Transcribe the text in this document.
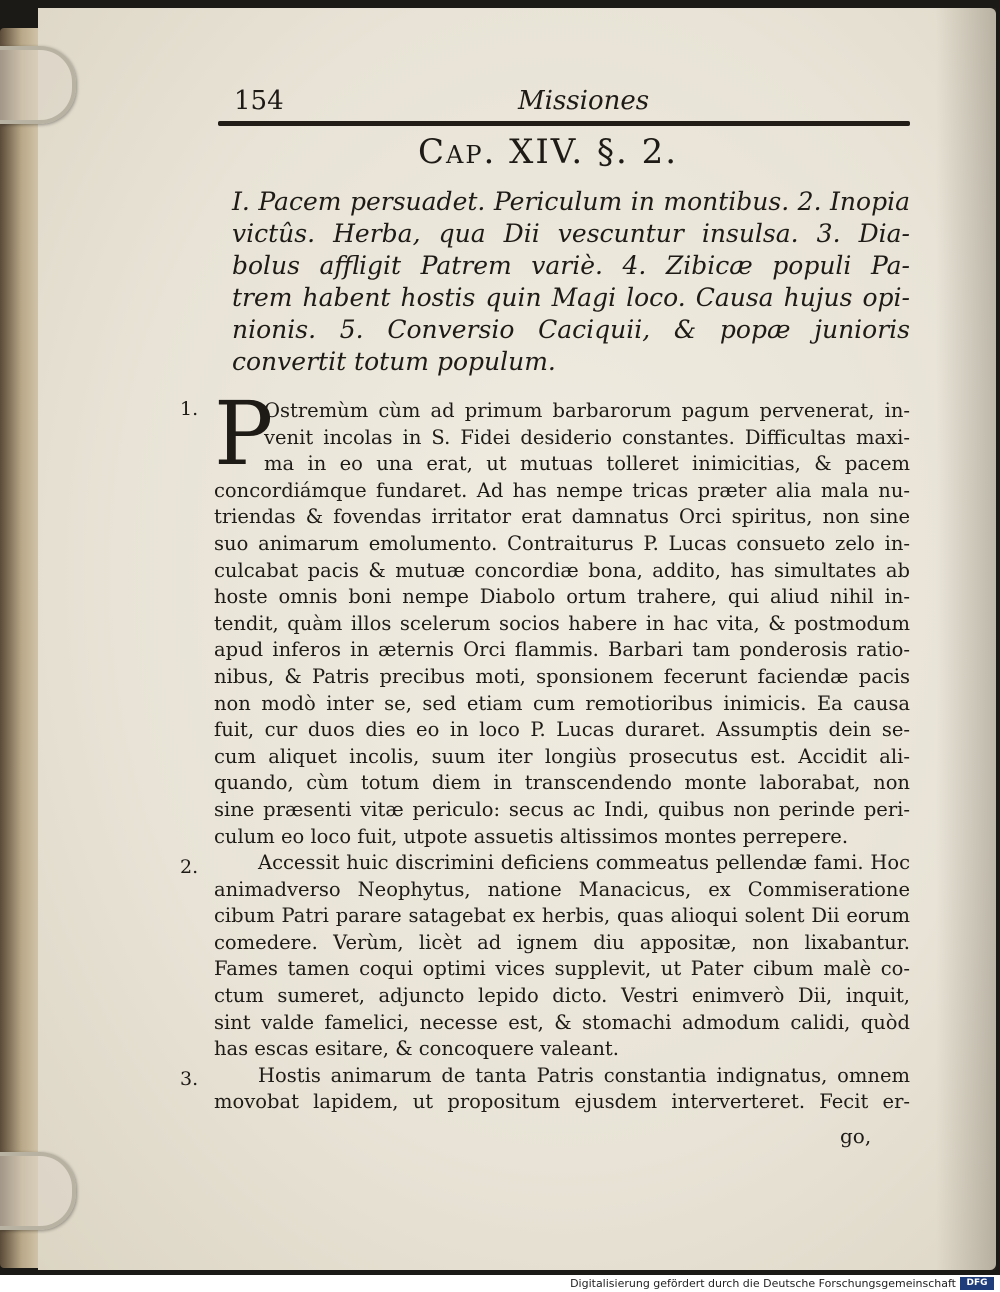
154	Missiones
Cap. XIV. §. 2.
I. Pacem persuadet. Periculum in montibus. 2. Inopia
victûs. Herba, qua Dii vescuntur insulsa. 3. Dia-
bolus affligit Patrem variè. 4. Zibicæ populi Pa-
trem habent hostis quin Magi loco. Causa hujus opi-
nionis. 5. Conversio Caciquii, & popæ junioris
convertit totum populum.
1.
2.
3.
P
Ostremùm cùm ad primum barbarorum pagum pervenerat, in-
venit incolas in S. Fidei desiderio constantes. Difficultas maxi-
ma in eo una erat, ut mutuas tolleret inimicitias, & pacem
concordiámque fundaret. Ad has nempe tricas præter alia mala nu-
triendas & fovendas irritator erat damnatus Orci spiritus, non sine
suo animarum emolumento. Contraiturus P. Lucas consueto zelo in-
culcabat pacis & mutuæ concordiæ bona, addito, has simultates ab
hoste omnis boni nempe Diabolo ortum trahere, qui aliud nihil in-
tendit, quàm illos scelerum socios habere in hac vita, & postmodum
apud inferos in æternis Orci flammis. Barbari tam ponderosis ratio-
nibus, & Patris precibus moti, sponsionem fecerunt faciendæ pacis
non modò inter se, sed etiam cum remotioribus inimicis. Ea causa
fuit, cur duos dies eo in loco P. Lucas duraret. Assumptis dein se-
cum aliquet incolis, suum iter longiùs prosecutus est. Accidit ali-
quando, cùm totum diem in transcendendo monte laborabat, non
sine præsenti vitæ periculo: secus ac Indi, quibus non perinde peri-
culum eo loco fuit, utpote assuetis altissimos montes perrepere.
Accessit huic discrimini deficiens commeatus pellendæ fami. Hoc
animadverso Neophytus, natione Manacicus, ex Commiseratione
cibum Patri parare satagebat ex herbis, quas alioqui solent Dii eorum
comedere. Verùm, licèt ad ignem diu appositæ, non lixabantur.
Fames tamen coqui optimi vices supplevit, ut Pater cibum malè co-
ctum sumeret, adjuncto lepido dicto. Vestri enimverò Dii, inquit,
sint valde famelici, necesse est, & stomachi admodum calidi, quòd
has escas esitare, & concoquere valeant.
Hostis animarum de tanta Patris constantia indignatus, omnem
movobat lapidem, ut propositum ejusdem interverteret. Fecit er-
go,
Digitalisierung gefördert durch die Deutsche Forschungsgemeinschaft	DFG
